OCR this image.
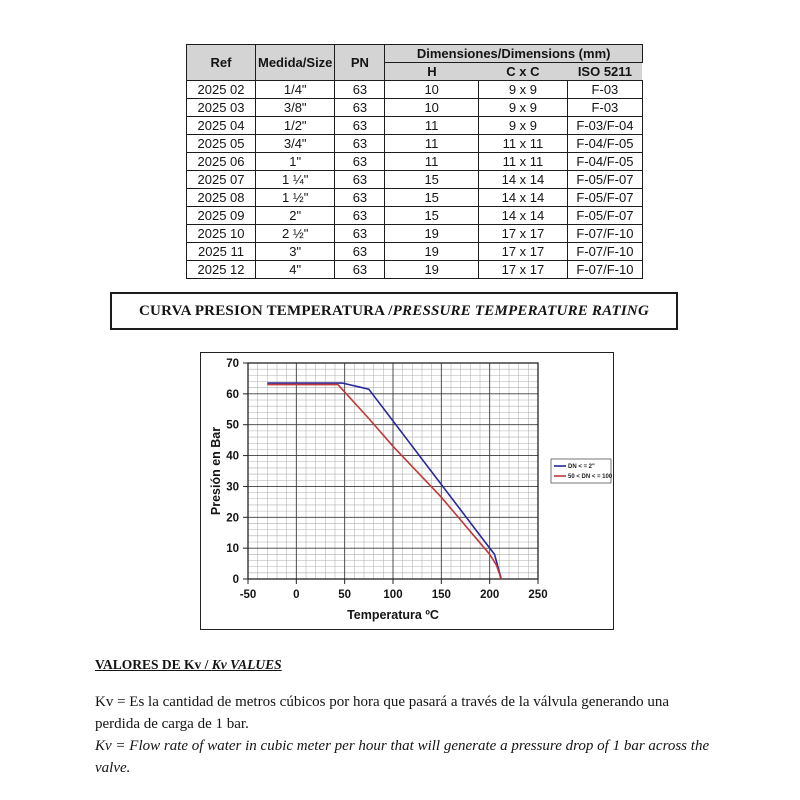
Ref	Medida/Size	PN	Dimensiones/Dimensions (mm)		
			H	C x C	ISO 5211
2025 02	1/4"	63	10	9 x 9	F-03
2025 03	3/8"	63	10	9 x 9	F-03
2025 04	1/2"	63	11	9 x 9	F-03/F-04
2025 05	3/4"	63	11	11 x 11	F-04/F-05
2025 06	1"	63	11	11 x 11	F-04/F-05
2025 07	1 ¼"	63	15	14 x 14	F-05/F-07
2025 08	1 ½"	63	15	14 x 14	F-05/F-07
2025 09	2"	63	15	14 x 14	F-05/F-07
2025 10	2 ½"	63	19	17 x 17	F-07/F-10
2025 11	3"	63	19	17 x 17	F-07/F-10
2025 12	4"	63	19	17 x 17	F-07/F-10
CURVA PRESION TEMPERATURA / PRESSURE TEMPERATURE RATING
-50	0	50	100	150	200	250
0
10
20
30
40
50
60
70
Temperatura ºC
Presión en Bar	DN < = 2"
50 < DN < = 100

VALORES DE Kv / Kv VALUES

Kv = Es la cantidad de metros cúbicos por hora que pasará a través de la válvula generando una perdida de carga de 1 bar.

Kv = Flow rate of water in cubic meter per hour that will generate a pressure drop of 1 bar across the valve.
